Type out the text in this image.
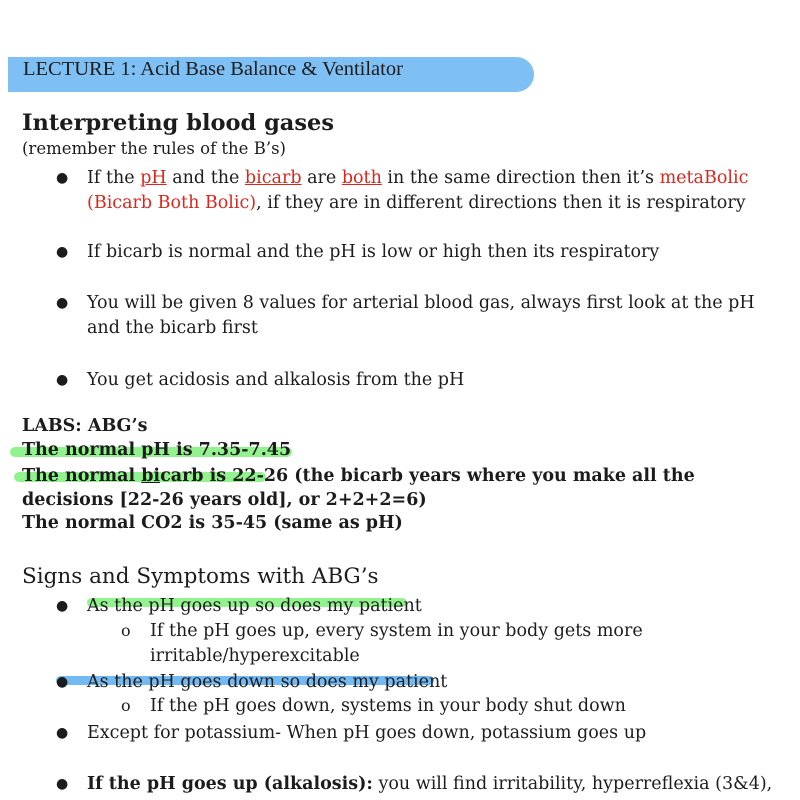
LECTURE 1: Acid Base Balance & Ventilator
Interpreting blood gases
(remember the rules of the B’s)
● If the pH and the bicarb are both in the same direction then it’s metaBolic (Bicarb Both Bolic), if they are in different directions then it is respiratory
● If bicarb is normal and the pH is low or high then its respiratory
● You will be given 8 values for arterial blood gas, always first look at the pH and the bicarb first
● You get acidosis and alkalosis from the pH
LABS: ABG’s
The normal pH is 7.35-7.45
The normal bicarb is 22-26 (the bicarb years where you make all the decisions [22-26 years old], or 2+2+2=6)
The normal CO2 is 35-45 (same as pH)
Signs and Symptoms with ABG’s
● As the pH goes up so does my patient
o If the pH goes up, every system in your body gets more irritable/hyperexcitable
● As the pH goes down so does my patient
o If the pH goes down, systems in your body shut down
● Except for potassium- When pH goes down, potassium goes up
● If the pH goes up (alkalosis): you will find irritability, hyperreflexia (3&4),
